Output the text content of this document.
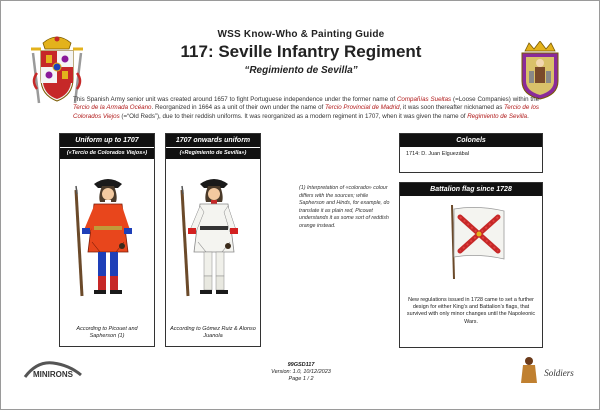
WSS Know-Who & Painting Guide
117: Seville Infantry Regiment
“Regimiento de Sevilla”
This Spanish Army senior unit was created around 1657 to fight Portuguese independence under the former name of Compañías Sueltas (=Loose Companies) within the Tercio de la Armada Océano. Reorganized in 1664 as a unit of their own under the name of Tercio Provincial de Madrid, it was soon thereafter nicknamed as Tercio de los Colorados Viejos (=“Old Reds”), due to their reddish uniforms. It was reorganized as a modern regiment in 1707, when it was given the name of Regimiento de Sevilla.
Uniform up to 1707
(«Tercio de Colorados Viejos»)
According to Picouet and Sapherson (1)
1707 onwards uniform
(«Regimiento de Sevilla»)
According to Gómez Ruiz & Alonso Juanola
(1) Interpretation of «colorado» colour differs with the sources; while Sapherson and Hinds, for example, do translate it as plain red, Picouet understands it as some sort of reddish orange instead.
Colonels
1714: D. Juan Elguezábal
Battalion flag since 1728
New regulations issued in 1728 came to set a further design for either King’s and Battalion’s flags, that survived with only minor changes until the Napoleonic Wars.
MINIRONS
99GSD117
Version: 1.0, 10/12/2023
Page 1 / 2
Soldiers
